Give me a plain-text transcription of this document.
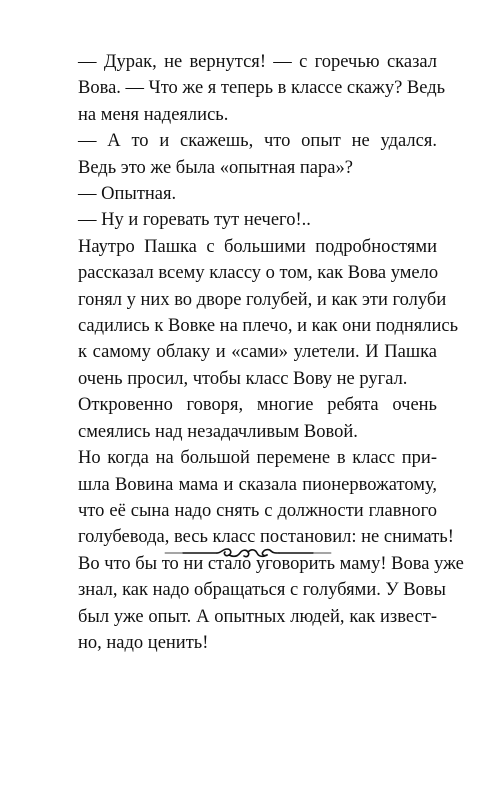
— Дурак, не вернутся! — с горечью сказал
Вова. — Что же я теперь в классе скажу? Ведь
на меня надеялись.
— А то и скажешь, что опыт не удался.
Ведь это же была «опытная пара»?
— Опытная.
— Ну и горевать тут нечего!..
Наутро Пашка с большими подробностями
рассказал всему классу о том, как Вова умело
гонял у них во дворе голубей, и как эти голуби
садились к Вовке на плечо, и как они поднялись
к самому облаку и «сами» улетели. И Пашка
очень просил, чтобы класс Вову не ругал.
Откровенно говоря, многие ребята очень
смеялись над незадачливым Вовой.
Но когда на большой перемене в класс при-
шла Вовина мама и сказала пионервожатому,
что её сына надо снять с должности главного
голубевода, весь класс постановил: не снимать!
Во что бы то ни стало уговорить маму! Вова уже
знал, как надо обращаться с голубями. У Вовы
был уже опыт. А опытных людей, как извест-
но, надо ценить!
